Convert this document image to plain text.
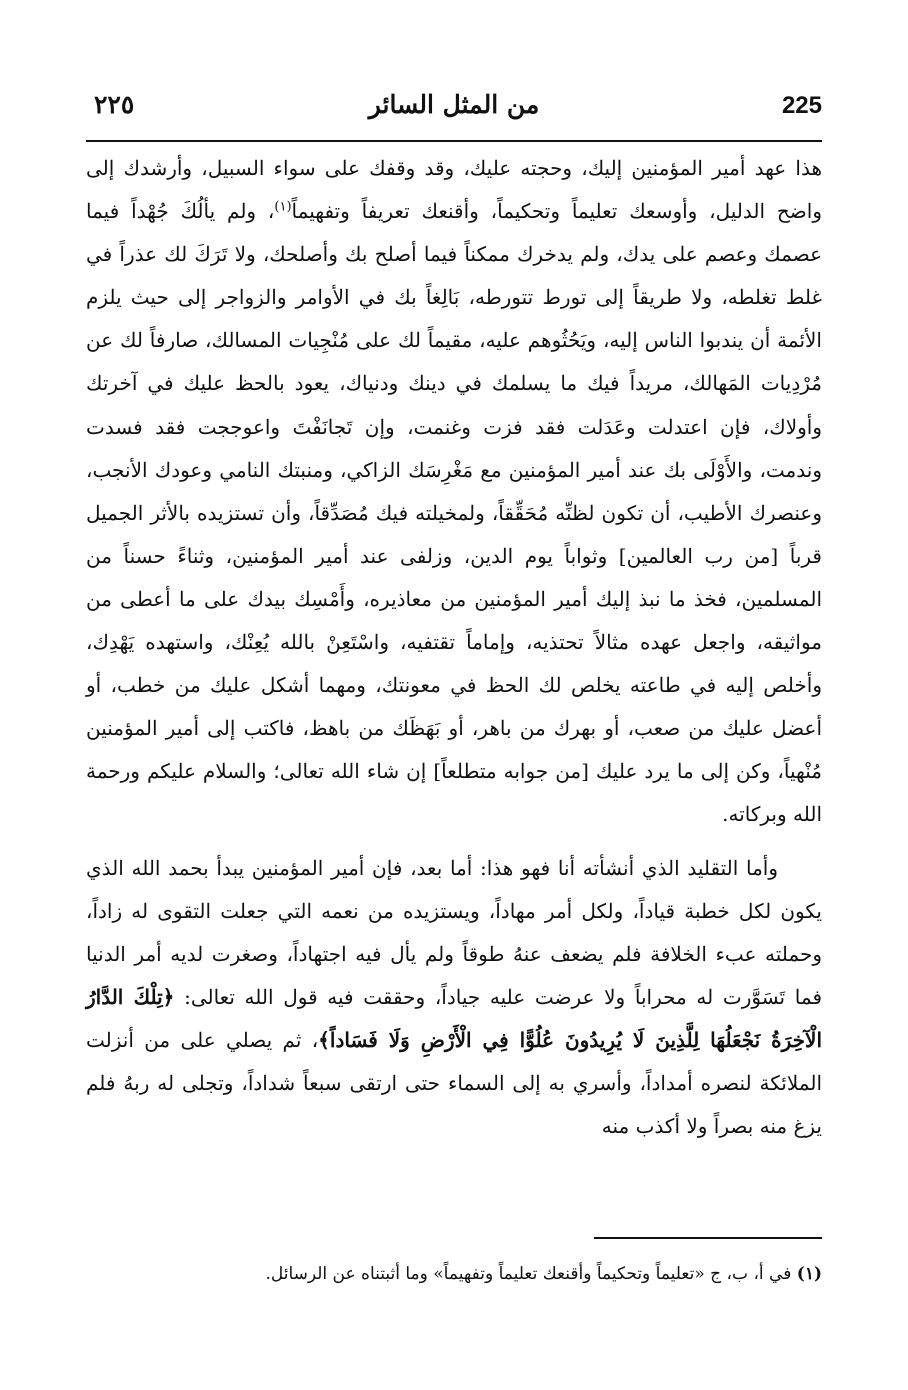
225
من المثل السائر
٢٢٥

هذا عهد أمير المؤمنين إليك، وحجته عليك، وقد وقفك على سواء السبيل، وأرشدك إلى واضح الدليل، وأوسعك تعليماً وتحكيماً، وأقنعك تعريفاً وتفهيماً$^{(١)}$، ولم يألُكَ جُهْداً فيما عصمك وعصم على يدك، ولم يدخرك ممكناً فيما أصلح بك وأصلحك، ولا تَرَكَ لك عذراً في غلط تغلطه، ولا طريقاً إلى تورط تتورطه، بَالِغاً بك في الأوامر والزواجر إلى حيث يلزم الأئمة أن يندبوا الناس إليه، ويَحُثُوهم عليه، مقيماً لك على مُنْجِيات المسالك، صارفاً لك عن مُرْدِيات المَهالك، مريداً فيك ما يسلمك في دينك ودنياك، يعود بالحظ عليك في آخرتك وأولاك، فإن اعتدلت وعَدَلت فقد فزت وغنمت، وإن تَجانَفْتَ واعوججت فقد فسدت وندمت، والأَوْلَى بك عند أمير المؤمنين مع مَغْرِسَك الزاكي، ومنبتك النامي وعودك الأنجب، وعنصرك الأطيب، أن تكون لظنِّه مُحَقِّقاً، ولمخيلته فيك مُصَدِّقاً، وأن تستزيده بالأثر الجميل قرباً [من رب العالمين] وثواباً يوم الدين، وزلفى عند أمير المؤمنين، وثناءً حسناً من المسلمين، فخذ ما نبذ إليك أمير المؤمنين من معاذيره، وأَمْسِك بيدك على ما أعطى من مواثيقه، واجعل عهده مثالاً تحتذيه، وإماماً تقتفيه، واسْتَعِنْ بالله يُعِنْك، واستهده يَهْدِك، وأخلص إليه في طاعته يخلص لك الحظ في معونتك، ومهما أشكل عليك من خطب، أو أعضل عليك من صعب، أو بهرك من باهر، أو بَهَظَك من باهظ، فاكتب إلى أمير المؤمنين مُنْهياً، وكن إلى ما يرد عليك [من جوابه متطلعاً] إن شاء الله تعالى؛ والسلام عليكم ورحمة الله وبركاته.

وأما التقليد الذي أنشأته أنا فهو هذا: أما بعد، فإن أمير المؤمنين يبدأ بحمد الله الذي يكون لكل خطبة قياداً، ولكل أمر مهاداً، ويستزيده من نعمه التي جعلت التقوى له زاداً، وحملته عبء الخلافة فلم يضعف عنهُ طوقاً ولم يأل فيه اجتهاداً، وصغرت لديه أمر الدنيا فما تَسَوَّرت له محراباً ولا عرضت عليه جياداً، وحققت فيه قول الله تعالى: ﴿تِلْكَ الدَّارُ الْآخِرَةُ نَجْعَلُهَا لِلَّذِينَ لَا يُرِيدُونَ عُلُوًّا فِي الْأَرْضِ وَلَا فَسَاداً﴾، ثم يصلي على من أنزلت الملائكة لنصره أمداداً، وأسري به إلى السماء حتى ارتقى سبعاً شداداً، وتجلى له ربهُ فلم يزغ منه بصراً ولا أكذب منه

(١) في أ، ب، ج «تعليماً وتحكيماً وأقنعك تعليماً وتفهيماً» وما أثبتناه عن الرسائل.
